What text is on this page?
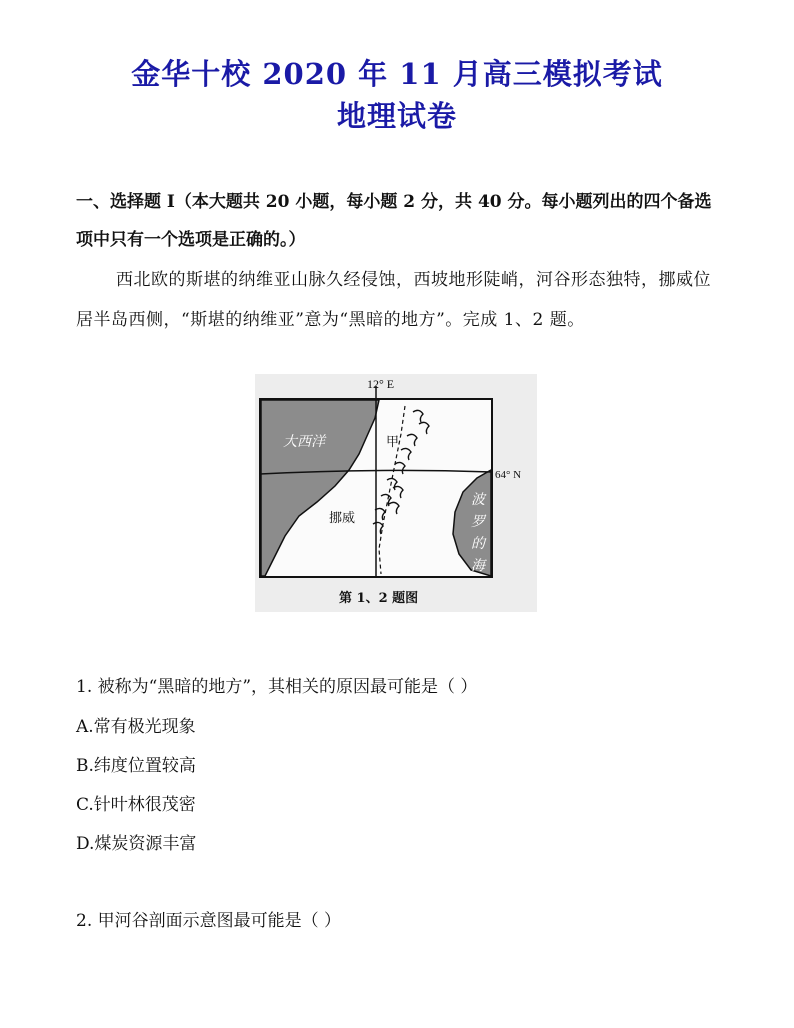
金华十校 2020 年 11 月高三模拟考试
地理试卷

一、选择题 I（本大题共 20 小题，每小题 2 分，共 40 分。每小题列出的四个备选项中只有一个选项是正确的。）

西北欧的斯堪的纳维亚山脉久经侵蚀，西坡地形陡峭，河谷形态独特，挪威位居半岛西侧，“斯堪的纳维亚”意为“黑暗的地方”。完成 1、2 题。

12° E
64° N
大西洋	甲
挪威
波
罗
的
海
第 1、2 题图

1. 被称为“黑暗的地方”，其相关的原因最可能是（ ）

A.常有极光现象

B.纬度位置较高

C.针叶林很茂密

D.煤炭资源丰富

2. 甲河谷剖面示意图最可能是（ ）
